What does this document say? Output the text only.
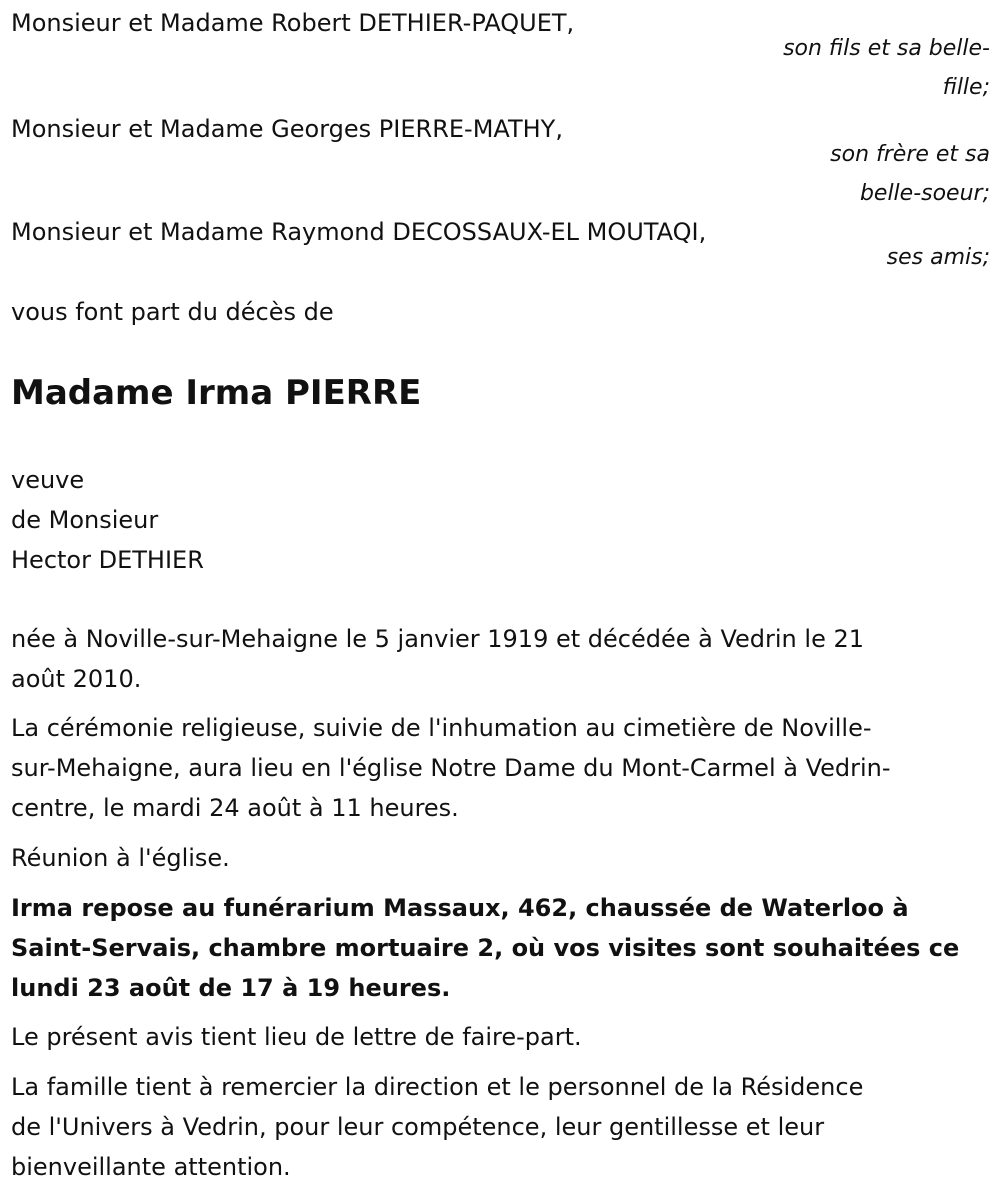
Monsieur et Madame Robert DETHIER-PAQUET,
son fils et sa belle-
fille;
Monsieur et Madame Georges PIERRE-MATHY,
son frère et sa
belle-soeur;
Monsieur et Madame Raymond DECOSSAUX-EL MOUTAQI,
ses amis;
vous font part du décès de
Madame Irma PIERRE
veuve
de Monsieur
Hector DETHIER
née à Noville-sur-Mehaigne le 5 janvier 1919 et décédée à Vedrin le 21
août 2010.
La cérémonie religieuse, suivie de l'inhumation au cimetière de Noville-
sur-Mehaigne, aura lieu en l'église Notre Dame du Mont-Carmel à Vedrin-
centre, le mardi 24 août à 11 heures.
Réunion à l'église.
Irma repose au funérarium Massaux, 462, chaussée de Waterloo à
Saint-Servais, chambre mortuaire 2, où vos visites sont souhaitées ce
lundi 23 août de 17 à 19 heures.
Le présent avis tient lieu de lettre de faire-part.
La famille tient à remercier la direction et le personnel de la Résidence
de l'Univers à Vedrin, pour leur compétence, leur gentillesse et leur
bienveillante attention.
